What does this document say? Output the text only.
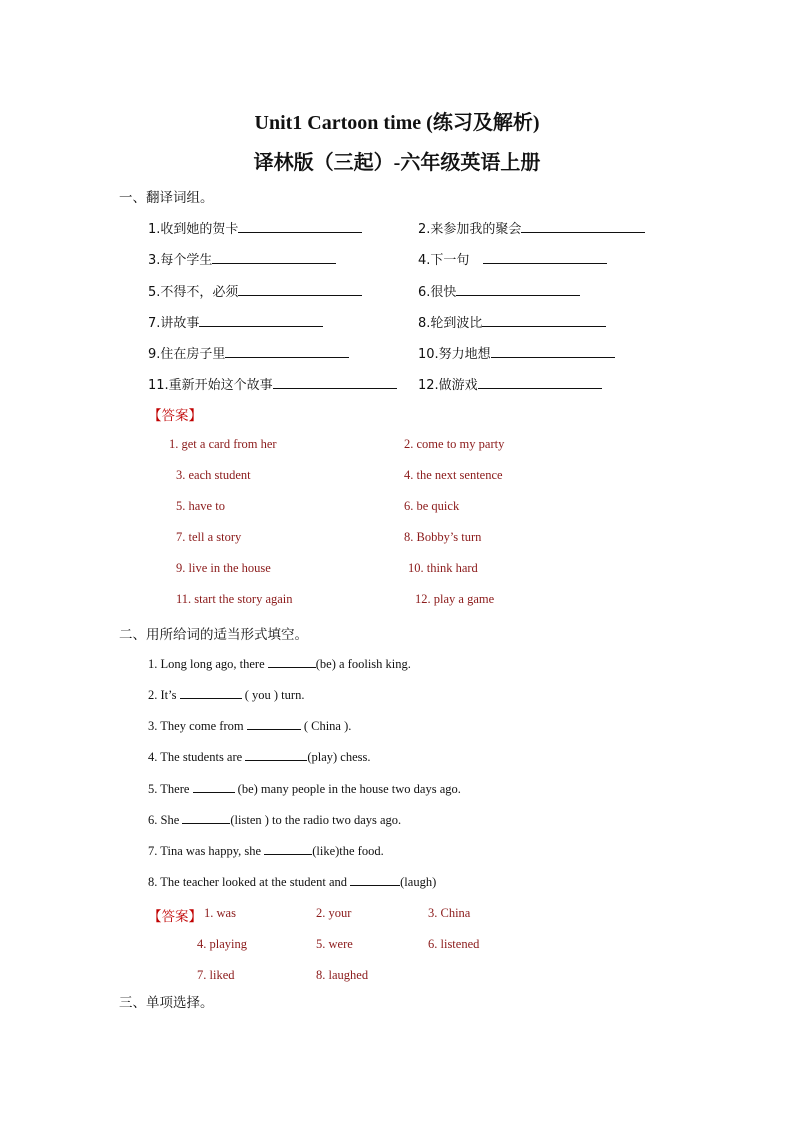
Unit1 Cartoon time (练习及解析)
译林版（三起）-六年级英语上册
一、翻译词组。
1.收到她的贺卡	2.来参加我的聚会
3.每个学生	4.下一句
5.不得不，必须	6.很快
7.讲故事	8.轮到波比
9.住在房子里	10.努力地想
11.重新开始这个故事	12.做游戏
【答案】
1. get a card from her	2. come to my party
3. each student	4. the next sentence
5. have to	6. be quick
7. tell a story	8. Bobby’s turn
9. live in the house	10. think hard
11. start the story again	12. play a game
二、用所给词的适当形式填空。
1. Long long ago, there	(be) a foolish king.
2. It’s	( you ) turn.
3. They come from	( China ).
4. The students are	(play) chess.
5. There	(be) many people in the house two days ago.
6. She	(listen ) to the radio two days ago.
7. Tina was happy, she	(like)the food.
8. The teacher looked at the student and	(laugh)
【答案】 1. was	2. your	3. China
4. playing	5. were	6. listened
7. liked	8. laughed
三、单项选择。
